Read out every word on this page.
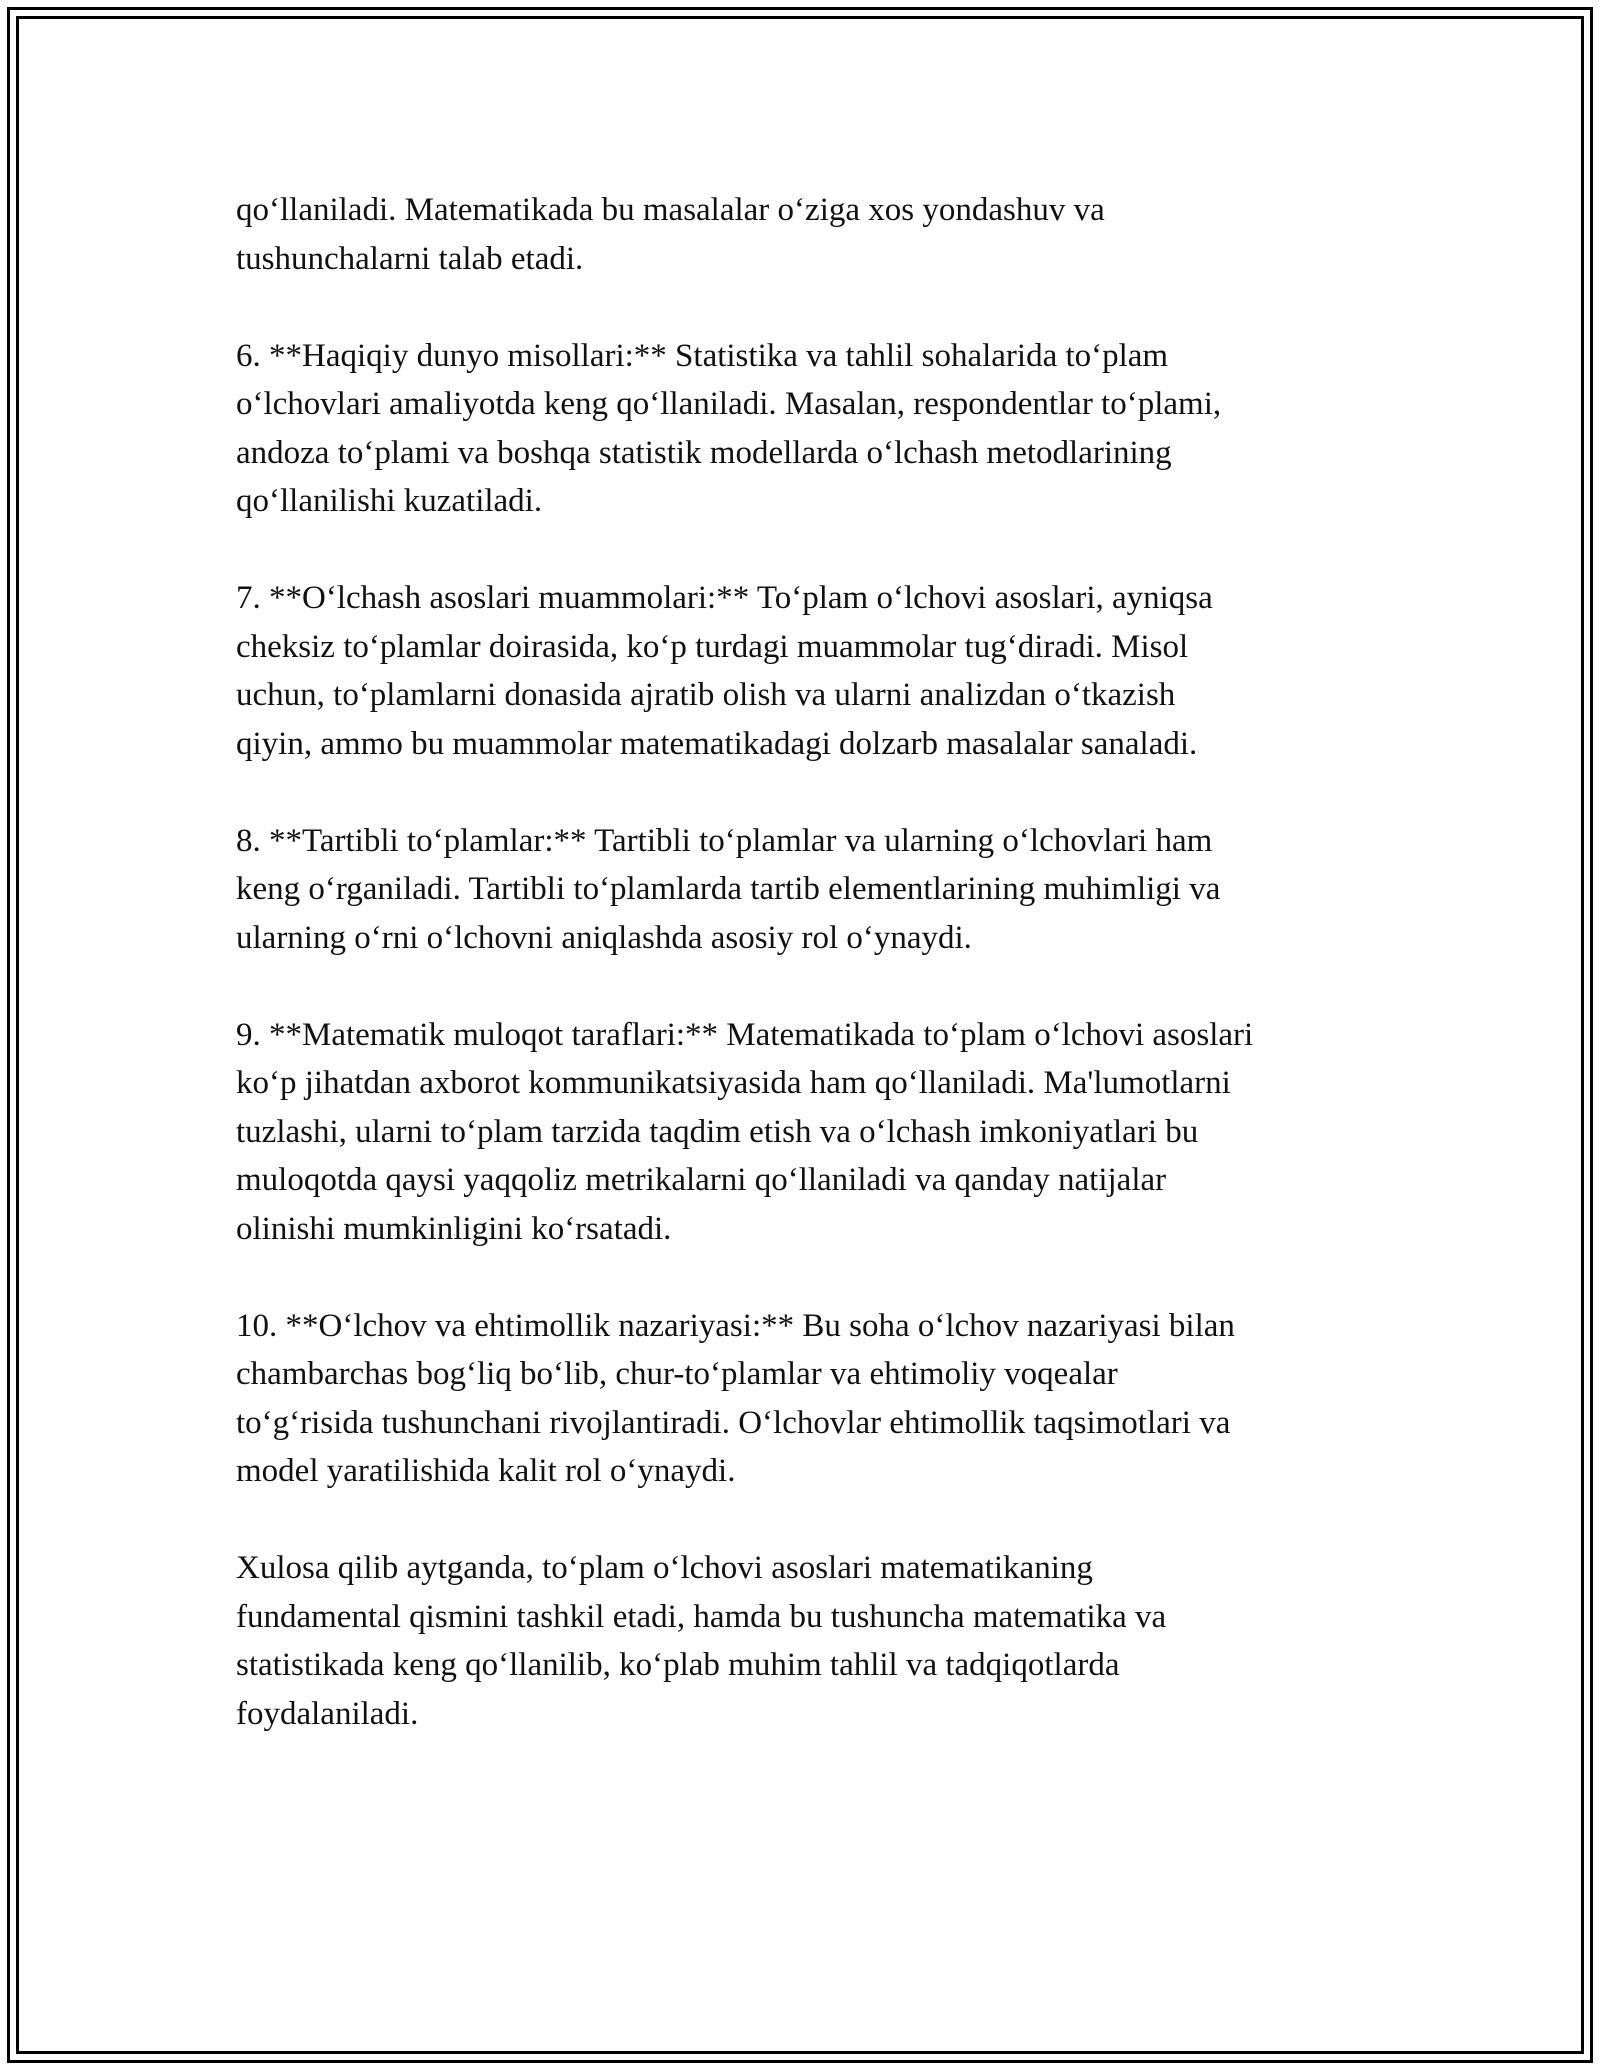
qo‘llaniladi. Matematikada bu masalalar o‘ziga xos yondashuv va
tushunchalarni talab etadi.

6. **Haqiqiy dunyo misollari:** Statistika va tahlil sohalarida to‘plam
o‘lchovlari amaliyotda keng qo‘llaniladi. Masalan, respondentlar to‘plami,
andoza to‘plami va boshqa statistik modellarda o‘lchash metodlarining
qo‘llanilishi kuzatiladi.

7. **O‘lchash asoslari muammolari:** To‘plam o‘lchovi asoslari, ayniqsa
cheksiz to‘plamlar doirasida, ko‘p turdagi muammolar tug‘diradi. Misol
uchun, to‘plamlarni donasida ajratib olish va ularni analizdan o‘tkazish
qiyin, ammo bu muammolar matematikadagi dolzarb masalalar sanaladi.

8. **Tartibli to‘plamlar:** Tartibli to‘plamlar va ularning o‘lchovlari ham
keng o‘rganiladi. Tartibli to‘plamlarda tartib elementlarining muhimligi va
ularning o‘rni o‘lchovni aniqlashda asosiy rol o‘ynaydi.

9. **Matematik muloqot taraflari:** Matematikada to‘plam o‘lchovi asoslari
ko‘p jihatdan axborot kommunikatsiyasida ham qo‘llaniladi. Ma'lumotlarni
tuzlashi, ularni to‘plam tarzida taqdim etish va o‘lchash imkoniyatlari bu
muloqotda qaysi yaqqoliz metrikalarni qo‘llaniladi va qanday natijalar
olinishi mumkinligini ko‘rsatadi.

10. **O‘lchov va ehtimollik nazariyasi:** Bu soha o‘lchov nazariyasi bilan
chambarchas bog‘liq bo‘lib, chur-to‘plamlar va ehtimoliy voqealar
to‘g‘risida tushunchani rivojlantiradi. O‘lchovlar ehtimollik taqsimotlari va
model yaratilishida kalit rol o‘ynaydi.

Xulosa qilib aytganda, to‘plam o‘lchovi asoslari matematikaning
fundamental qismini tashkil etadi, hamda bu tushuncha matematika va
statistikada keng qo‘llanilib, ko‘plab muhim tahlil va tadqiqotlarda
foydalaniladi.
